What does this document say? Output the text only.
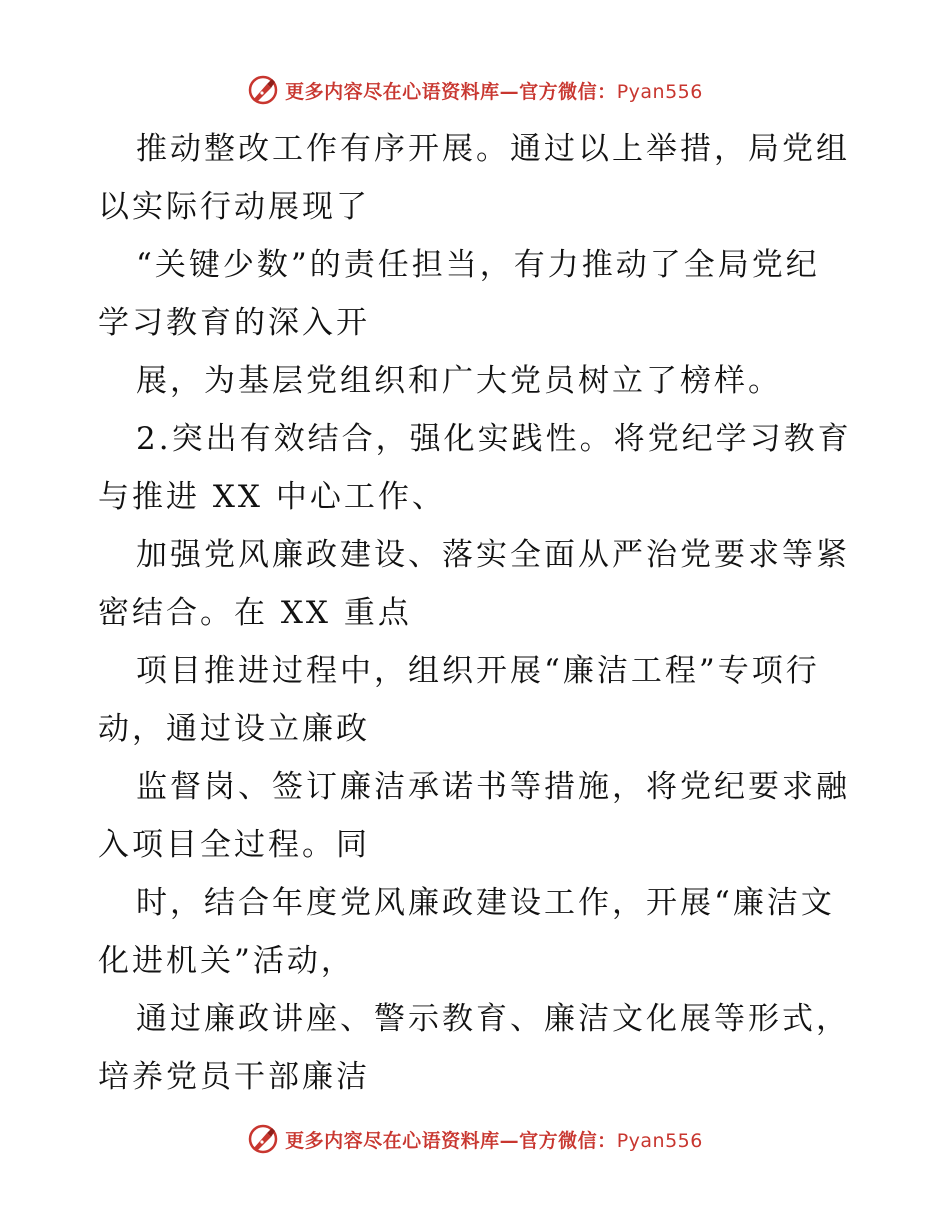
更多内容尽在心语资料库—官方微信：Pyan556
推动整改工作有序开展。通过以上举措，局党组
以实际行动展现了
“关键少数”的责任担当，有力推动了全局党纪
学习教育的深入开
展，为基层党组织和广大党员树立了榜样。
2.突出有效结合，强化实践性。将党纪学习教育
与推进 XX 中心工作、
加强党风廉政建设、落实全面从严治党要求等紧
密结合。在 XX 重点
项目推进过程中，组织开展“廉洁工程”专项行
动，通过设立廉政
监督岗、签订廉洁承诺书等措施，将党纪要求融
入项目全过程。同
时，结合年度党风廉政建设工作，开展“廉洁文
化进机关”活动，
通过廉政讲座、警示教育、廉洁文化展等形式，
培养党员干部廉洁
更多内容尽在心语资料库—官方微信：Pyan556
